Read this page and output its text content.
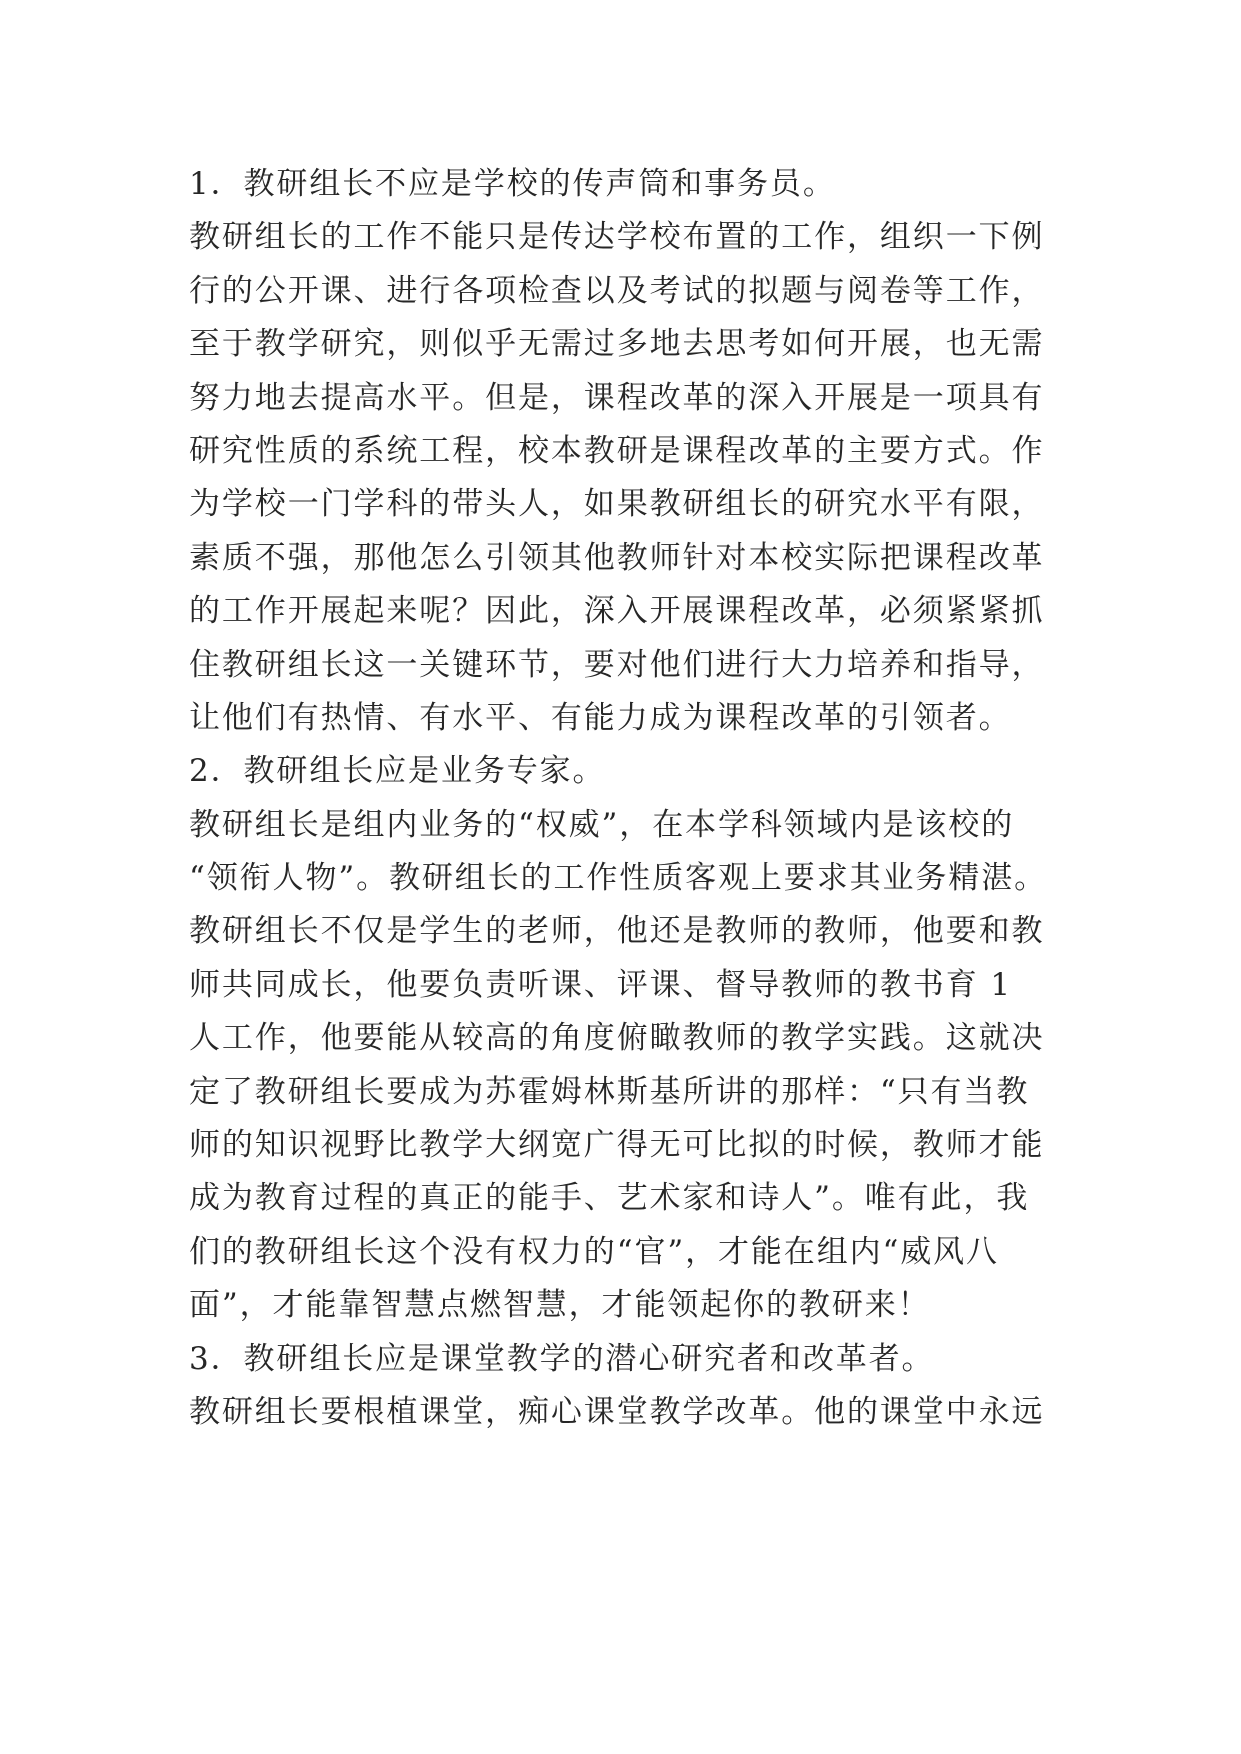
1．教研组长不应是学校的传声筒和事务员。
教研组长的工作不能只是传达学校布置的工作，组织一下例
行的公开课、进行各项检查以及考试的拟题与阅卷等工作，
至于教学研究，则似乎无需过多地去思考如何开展，也无需
努力地去提高水平。但是，课程改革的深入开展是一项具有
研究性质的系统工程，校本教研是课程改革的主要方式。作
为学校一门学科的带头人，如果教研组长的研究水平有限，
素质不强，那他怎么引领其他教师针对本校实际把课程改革
的工作开展起来呢？因此，深入开展课程改革，必须紧紧抓
住教研组长这一关键环节，要对他们进行大力培养和指导，
让他们有热情、有水平、有能力成为课程改革的引领者。
2．教研组长应是业务专家。
教研组长是组内业务的“权威”，在本学科领域内是该校的
“领衔人物”。教研组长的工作性质客观上要求其业务精湛。
教研组长不仅是学生的老师，他还是教师的教师，他要和教
师共同成长，他要负责听课、评课、督导教师的教书育 1
人工作，他要能从较高的角度俯瞰教师的教学实践。这就决
定了教研组长要成为苏霍姆林斯基所讲的那样：“只有当教
师的知识视野比教学大纲宽广得无可比拟的时候，教师才能
成为教育过程的真正的能手、艺术家和诗人”。唯有此，我
们的教研组长这个没有权力的“官”，才能在组内“威风八
面”，才能靠智慧点燃智慧，才能领起你的教研来！
3．教研组长应是课堂教学的潜心研究者和改革者。
教研组长要根植课堂，痴心课堂教学改革。他的课堂中永远
